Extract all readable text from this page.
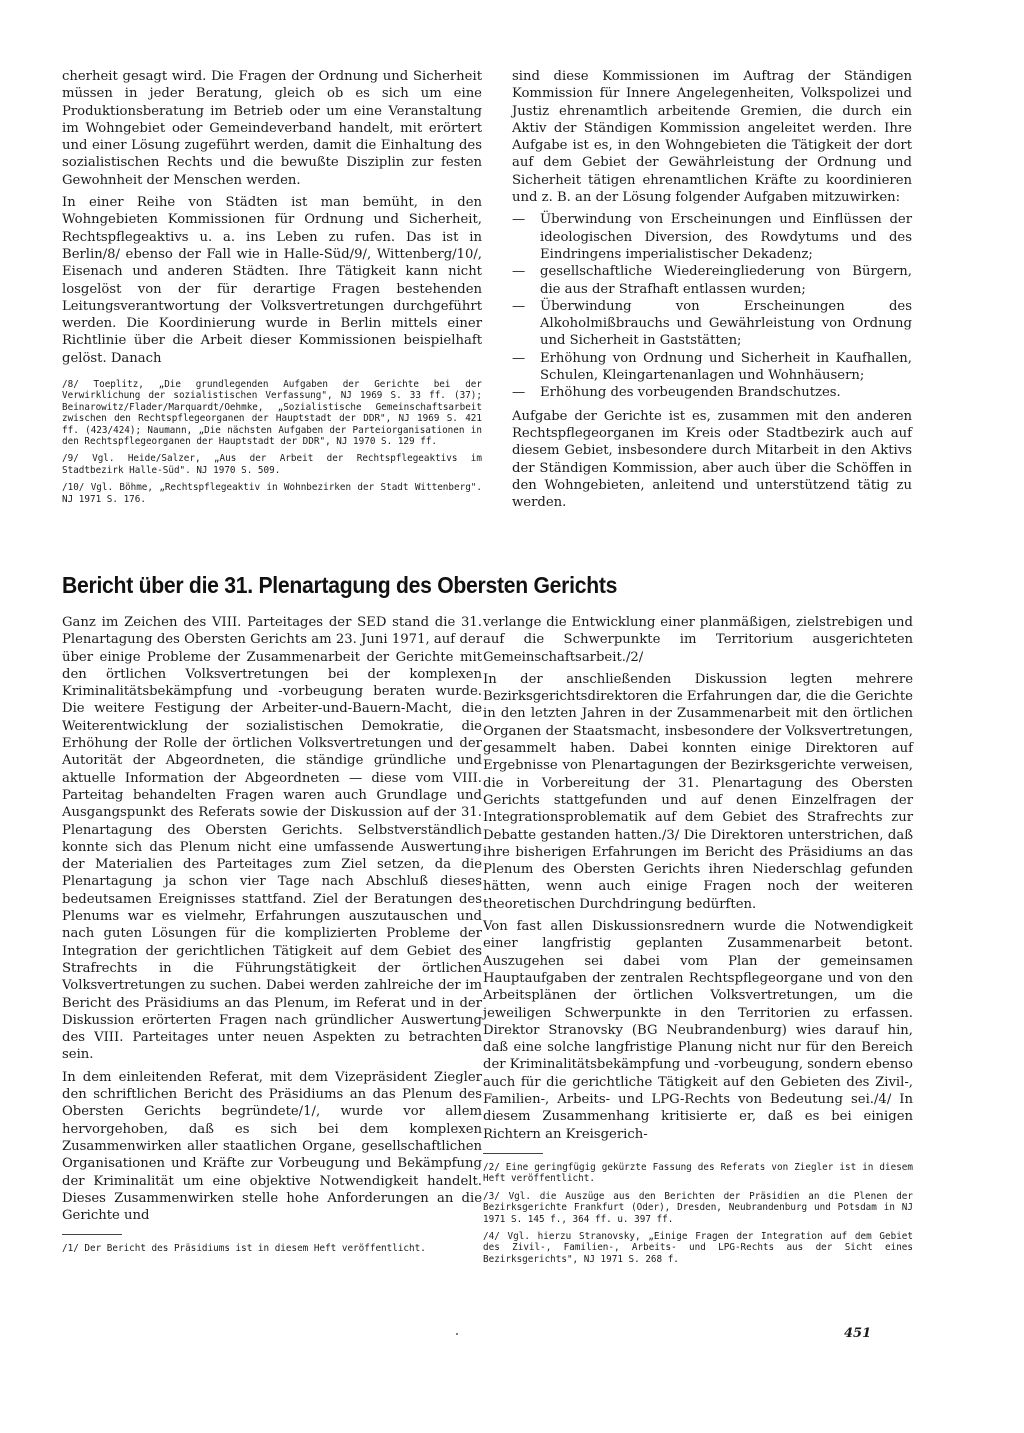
cherheit gesagt wird. Die Fragen der Ordnung und Sicherheit müssen in jeder Beratung, gleich ob es sich um eine Produktionsberatung im Betrieb oder um eine Veranstaltung im Wohngebiet oder Gemeindeverband handelt, mit erörtert und einer Lösung zugeführt werden, damit die Einhaltung des sozialistischen Rechts und die bewußte Disziplin zur festen Gewohnheit der Menschen werden.

In einer Reihe von Städten ist man bemüht, in den Wohngebieten Kommissionen für Ordnung und Sicherheit, Rechtspflegeaktivs u. a. ins Leben zu rufen. Das ist in Berlin/8/ ebenso der Fall wie in Halle-Süd/9/, Wittenberg/10/, Eisenach und anderen Städten. Ihre Tätigkeit kann nicht losgelöst von der für derartige Fragen bestehenden Leitungsverantwortung der Volksvertretungen durchgeführt werden. Die Koordinierung wurde in Berlin mittels einer Richtlinie über die Arbeit dieser Kommissionen beispielhaft gelöst. Danach

/8/ Toeplitz, „Die grundlegenden Aufgaben der Gerichte bei der Verwirklichung der sozialistischen Verfassung", NJ 1969 S. 33 ff. (37); Beinarowitz/Flader/Marquardt/Oehmke, „Sozialistische Gemeinschaftsarbeit zwischen den Rechtspflegeorganen der Hauptstadt der DDR", NJ 1969 S. 421 ff. (423/424); Naumann, „Die nächsten Aufgaben der Parteiorganisationen in den Rechtspflegeorganen der Hauptstadt der DDR", NJ 1970 S. 129 ff.

/9/ Vgl. Heide/Salzer, „Aus der Arbeit der Rechtspflegeaktivs im Stadtbezirk Halle-Süd". NJ 1970 S. 509.

/10/ Vgl. Böhme, „Rechtspflegeaktiv in Wohnbezirken der Stadt Wittenberg". NJ 1971 S. 176.

sind diese Kommissionen im Auftrag der Ständigen Kommission für Innere Angelegenheiten, Volkspolizei und Justiz ehrenamtlich arbeitende Gremien, die durch ein Aktiv der Ständigen Kommission angeleitet werden. Ihre Aufgabe ist es, in den Wohngebieten die Tätigkeit der dort auf dem Gebiet der Gewährleistung der Ordnung und Sicherheit tätigen ehrenamtlichen Kräfte zu koordinieren und z. B. an der Lösung folgender Aufgaben mitzuwirken:

— Überwindung von Erscheinungen und Einflüssen der ideologischen Diversion, des Rowdytums und des Eindringens imperialistischer Dekadenz;
— gesellschaftliche Wiedereingliederung von Bürgern, die aus der Strafhaft entlassen wurden;
— Überwindung von Erscheinungen des Alkoholmißbrauchs und Gewährleistung von Ordnung und Sicherheit in Gaststätten;
— Erhöhung von Ordnung und Sicherheit in Kaufhallen, Schulen, Kleingartenanlagen und Wohnhäusern;
— Erhöhung des vorbeugenden Brandschutzes.

Aufgabe der Gerichte ist es, zusammen mit den anderen Rechtspflegeorganen im Kreis oder Stadtbezirk auch auf diesem Gebiet, insbesondere durch Mitarbeit in den Aktivs der Ständigen Kommission, aber auch über die Schöffen in den Wohngebieten, anleitend und unterstützend tätig zu werden.

Bericht über die 31. Plenartagung des Obersten Gerichts

Ganz im Zeichen des VIII. Parteitages der SED stand die 31. Plenartagung des Obersten Gerichts am 23. Juni 1971, auf der über einige Probleme der Zusammenarbeit der Gerichte mit den örtlichen Volksvertretungen bei der komplexen Kriminalitätsbekämpfung und -vorbeugung beraten wurde. Die weitere Festigung der Arbeiter-und-Bauern-Macht, die Weiterentwicklung der sozialistischen Demokratie, die Erhöhung der Rolle der örtlichen Volksvertretungen und der Autorität der Abgeordneten, die ständige gründliche und aktuelle Information der Abgeordneten — diese vom VIII. Parteitag behandelten Fragen waren auch Grundlage und Ausgangspunkt des Referats sowie der Diskussion auf der 31. Plenartagung des Obersten Gerichts. Selbstverständlich konnte sich das Plenum nicht eine umfassende Auswertung der Materialien des Parteitages zum Ziel setzen, da die Plenartagung ja schon vier Tage nach Abschluß dieses bedeutsamen Ereignisses stattfand. Ziel der Beratungen des Plenums war es vielmehr, Erfahrungen auszutauschen und nach guten Lösungen für die komplizierten Probleme der Integration der gerichtlichen Tätigkeit auf dem Gebiet des Strafrechts in die Führungstätigkeit der örtlichen Volksvertretungen zu suchen. Dabei werden zahlreiche der im Bericht des Präsidiums an das Plenum, im Referat und in der Diskussion erörterten Fragen nach gründlicher Auswertung des VIII. Parteitages unter neuen Aspekten zu betrachten sein.

In dem einleitenden Referat, mit dem Vizepräsident Ziegler den schriftlichen Bericht des Präsidiums an das Plenum des Obersten Gerichts begründete/1/, wurde vor allem hervorgehoben, daß es sich bei dem komplexen Zusammenwirken aller staatlichen Organe, gesellschaftlichen Organisationen und Kräfte zur Vorbeugung und Bekämpfung der Kriminalität um eine objektive Notwendigkeit handelt. Dieses Zusammenwirken stelle hohe Anforderungen an die Gerichte und

/1/ Der Bericht des Präsidiums ist in diesem Heft veröffentlicht.

verlange die Entwicklung einer planmäßigen, zielstrebigen und auf die Schwerpunkte im Territorium ausgerichteten Gemeinschaftsarbeit./2/

In der anschließenden Diskussion legten mehrere Bezirksgerichtsdirektoren die Erfahrungen dar, die die Gerichte in den letzten Jahren in der Zusammenarbeit mit den örtlichen Organen der Staatsmacht, insbesondere der Volksvertretungen, gesammelt haben. Dabei konnten einige Direktoren auf Ergebnisse von Plenartagungen der Bezirksgerichte verweisen, die in Vorbereitung der 31. Plenartagung des Obersten Gerichts stattgefunden und auf denen Einzelfragen der Integrationsproblematik auf dem Gebiet des Strafrechts zur Debatte gestanden hatten./3/ Die Direktoren unterstrichen, daß ihre bisherigen Erfahrungen im Bericht des Präsidiums an das Plenum des Obersten Gerichts ihren Niederschlag gefunden hätten, wenn auch einige Fragen noch der weiteren theoretischen Durchdringung bedürften.

Von fast allen Diskussionsrednern wurde die Notwendigkeit einer langfristig geplanten Zusammenarbeit betont. Auszugehen sei dabei vom Plan der gemeinsamen Hauptaufgaben der zentralen Rechtspflegeorgane und von den Arbeitsplänen der örtlichen Volksvertretungen, um die jeweiligen Schwerpunkte in den Territorien zu erfassen. Direktor Stranovsky (BG Neubrandenburg) wies darauf hin, daß eine solche langfristige Planung nicht nur für den Bereich der Kriminalitätsbekämpfung und -vorbeugung, sondern ebenso auch für die gerichtliche Tätigkeit auf den Gebieten des Zivil-, Familien-, Arbeits- und LPG-Rechts von Bedeutung sei./4/ In diesem Zusammenhang kritisierte er, daß es bei einigen Richtern an Kreisgerich-

/2/ Eine geringfügig gekürzte Fassung des Referats von Ziegler ist in diesem Heft veröffentlicht.

/3/ Vgl. die Auszüge aus den Berichten der Präsidien an die Plenen der Bezirksgerichte Frankfurt (Oder), Dresden, Neubrandenburg und Potsdam in NJ 1971 S. 145 f., 364 ff. u. 397 ff.

/4/ Vgl. hierzu Stranovsky, „Einige Fragen der Integration auf dem Gebiet des Zivil-, Familien-, Arbeits- und LPG-Rechts aus der Sicht eines Bezirksgerichts", NJ 1971 S. 268 f.

451
